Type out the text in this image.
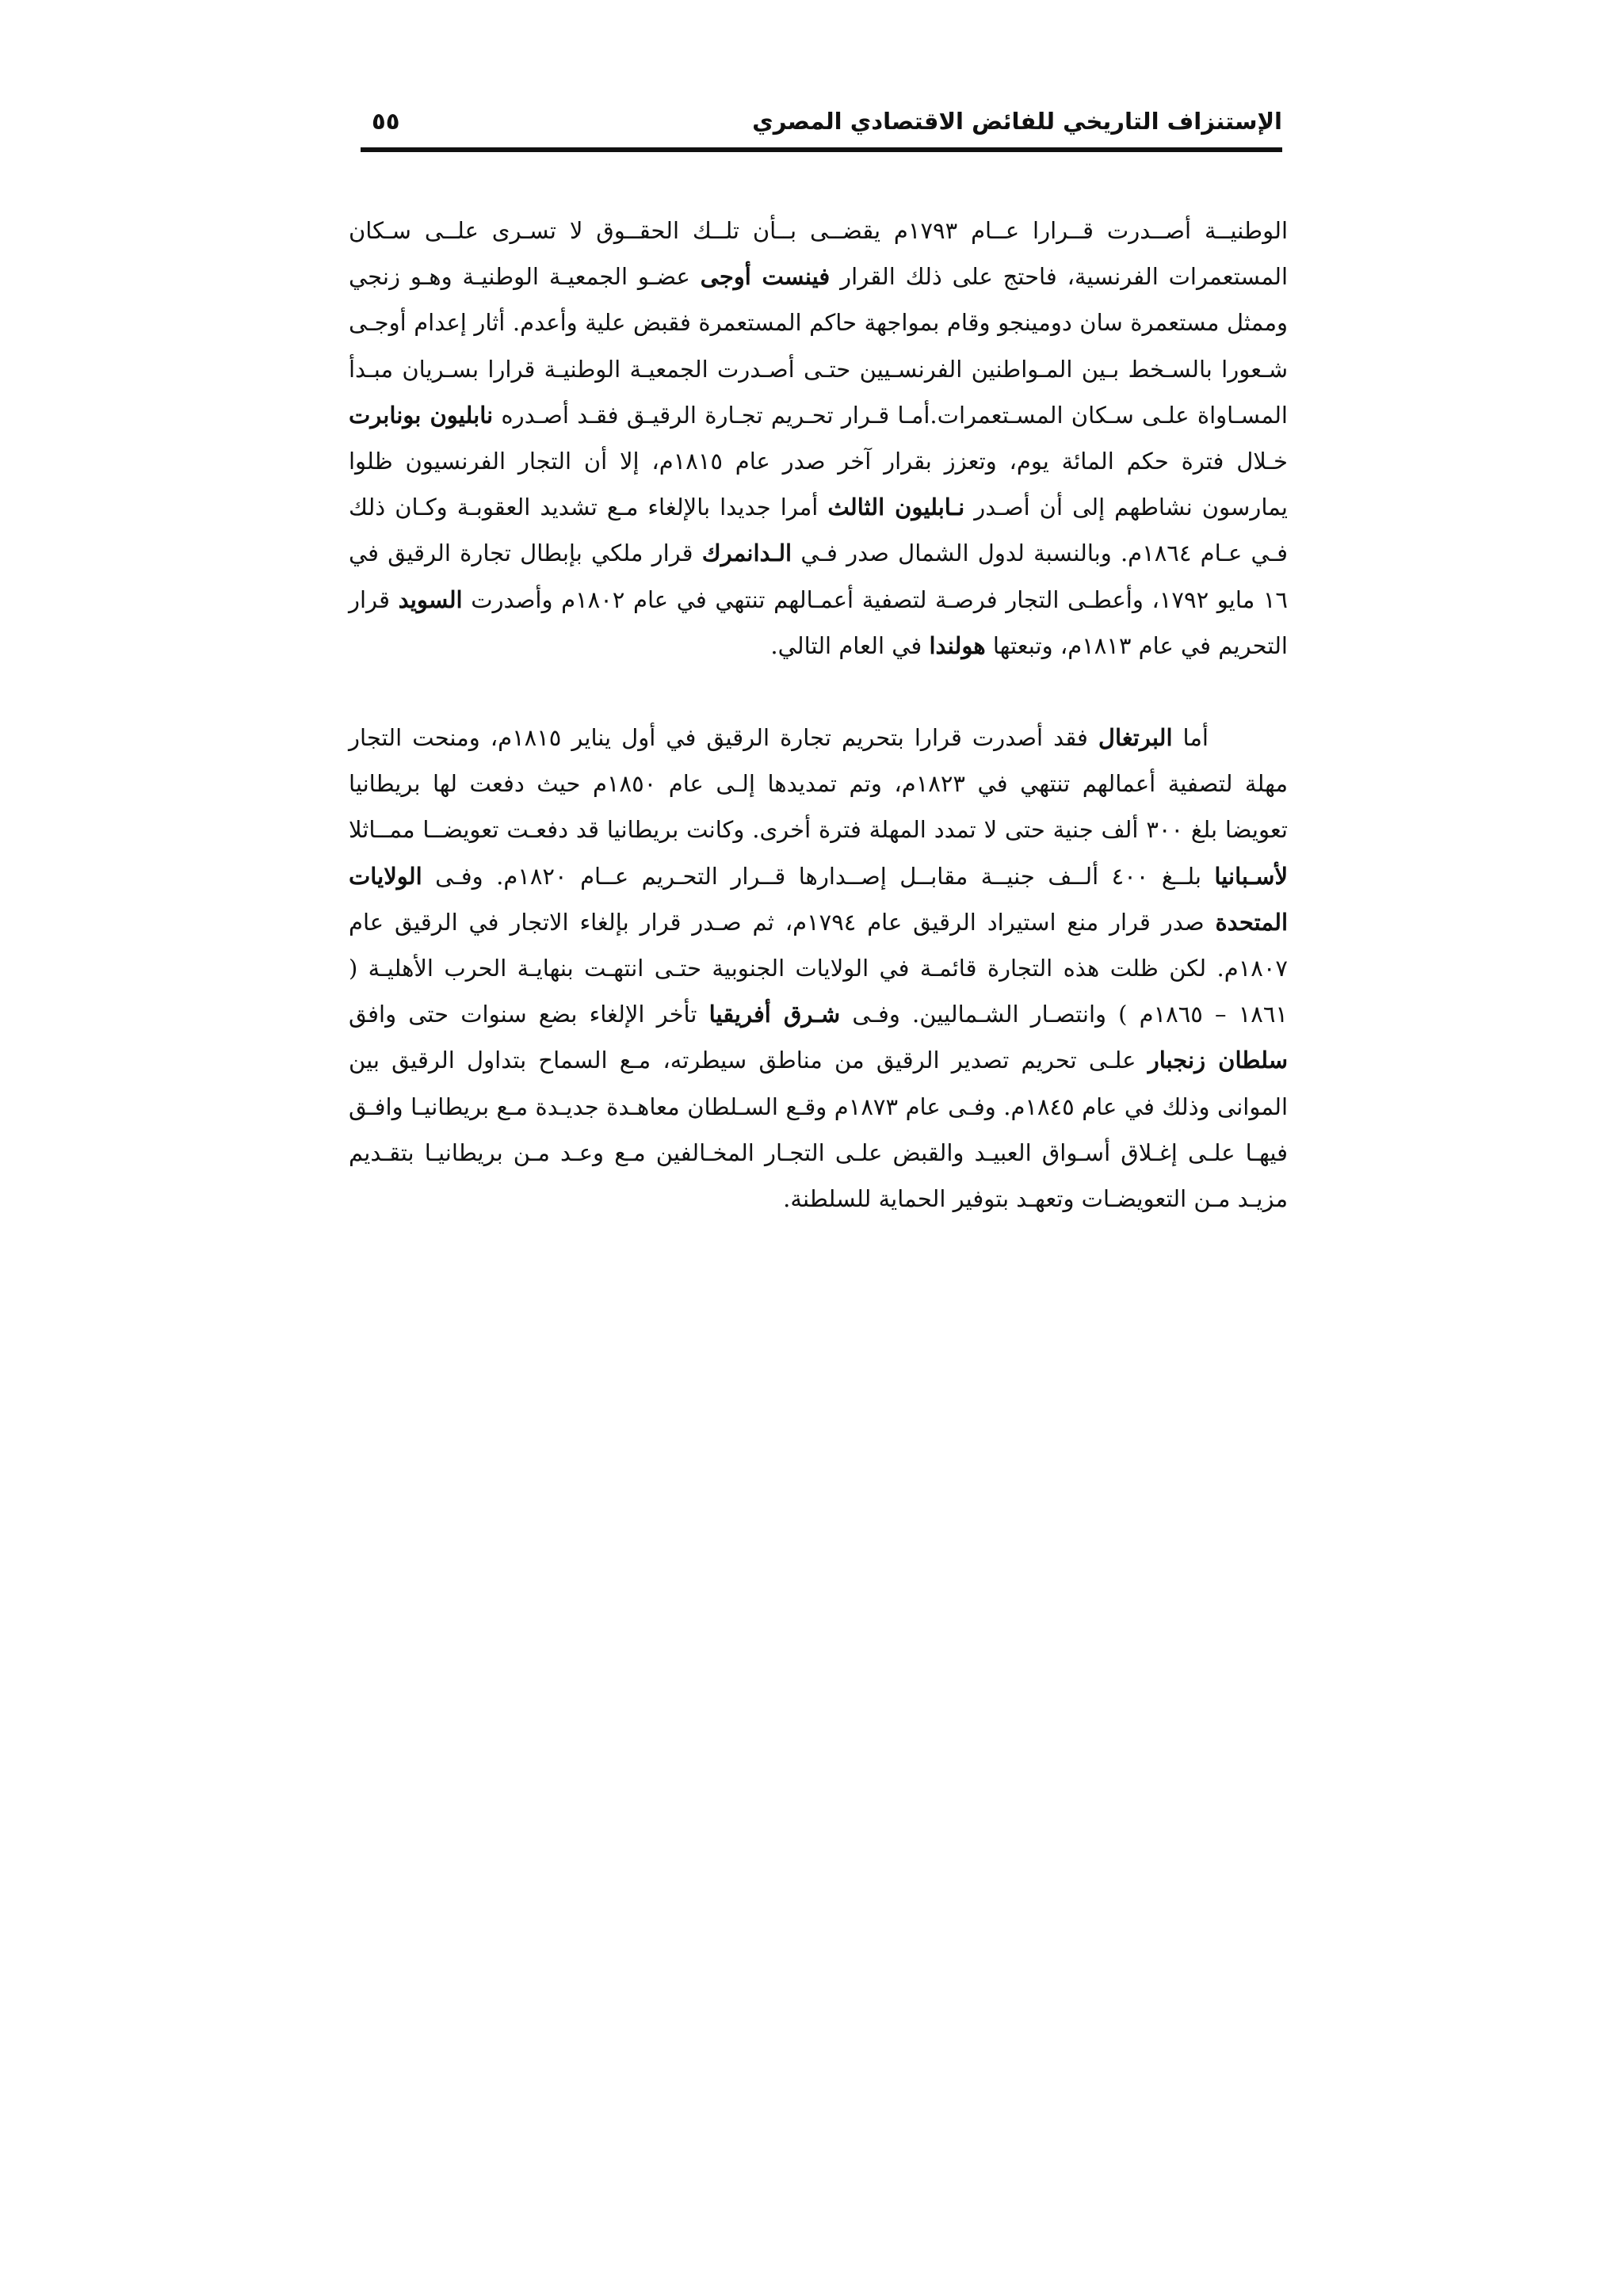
الإستنزاف التاريخي للفائض الاقتصادي المصري
٥٥

الوطنيــة أصــدرت قــرارا عــام ١٧٩٣م يقضــى بــأن تلــك الحقــوق لا تسـرى علــى سـكان المستعمرات الفرنسية، فاحتج على ذلك القرار فينست أوجى عضـو الجمعيـة الوطنيـة وهـو زنجي وممثل مستعمرة سان دومينجو وقام بمواجهة حاكم المستعمرة فقبض علية وأعدم. أثار إعدام أوجـى شـعورا بالسـخط بـين المـواطنين الفرنسـيين حتـى أصـدرت الجمعيـة الوطنيـة قرارا بسـريان مبـدأ المسـاواة علـى سـكان المسـتعمرات.أمـا قـرار تحـريم تجـارة الرقيـق فقـد أصـدره نابليون بونابرت خـلال فترة حكم المائة يوم، وتعزز بقرار آخر صدر عام ١٨١٥م، إلا أن التجار الفرنسيون ظلوا يمارسون نشاطهم إلى أن أصـدر نـابليون الثالث أمرا جديدا بالإلغاء مـع تشديد العقوبـة وكـان ذلك فـي عـام ١٨٦٤م. وبالنسبة لدول الشمال صدر فـي الـدانمرك قرار ملكي بإبطال تجارة الرقيق في ١٦ مايو ١٧٩٢، وأعطـى التجار فرصـة لتصفية أعمـالهم تنتهي في عام ١٨٠٢م وأصدرت السويد قرار التحريم في عام ١٨١٣م، وتبعتها هولندا في العام التالي.

أما البرتغال فقد أصدرت قرارا بتحريم تجارة الرقيق في أول يناير ١٨١٥م، ومنحت التجار مهلة لتصفية أعمالهم تنتهي في ١٨٢٣م، وتم تمديدها إلـى عام ١٨٥٠م حيث دفعت لها بريطانيا تعويضا بلغ ٣٠٠ ألف جنية حتى لا تمدد المهلة فترة أخرى. وكانت بريطانيا قد دفعـت تعويضــا ممــاثلا لأسـبانيا بلــغ ٤٠٠ ألــف جنيــة مقابــل إصــدارها قــرار التحـريم عــام ١٨٢٠م. وفـى الولايات المتحدة صدر قرار منع استيراد الرقيق عام ١٧٩٤م، ثم صـدر قرار بإلغاء الاتجار في الرقيق عام ١٨٠٧م. لكن ظلت هذه التجارة قائمـة في الولايات الجنوبية حتـى انتهـت بنهايـة الحرب الأهليـة ( ١٨٦١ – ١٨٦٥م ) وانتصـار الشـماليين. وفـى شـرق أفريقيا تأخر الإلغاء بضع سنوات حتى وافق سلطان زنجبار علـى تحريم تصدير الرقيق من مناطق سيطرته، مـع السماح بتداول الرقيق بين الموانى وذلك في عام ١٨٤٥م. وفـى عام ١٨٧٣م وقـع السـلطان معاهـدة جديـدة مـع بريطانيـا وافـق فيهـا علـى إغـلاق أسـواق العبيـد والقبض علـى التجـار المخـالفين مـع وعـد مـن بريطانيـا بتقـديم مزيـد مـن التعويضـات وتعهـد بتوفير الحماية للسلطنة.
